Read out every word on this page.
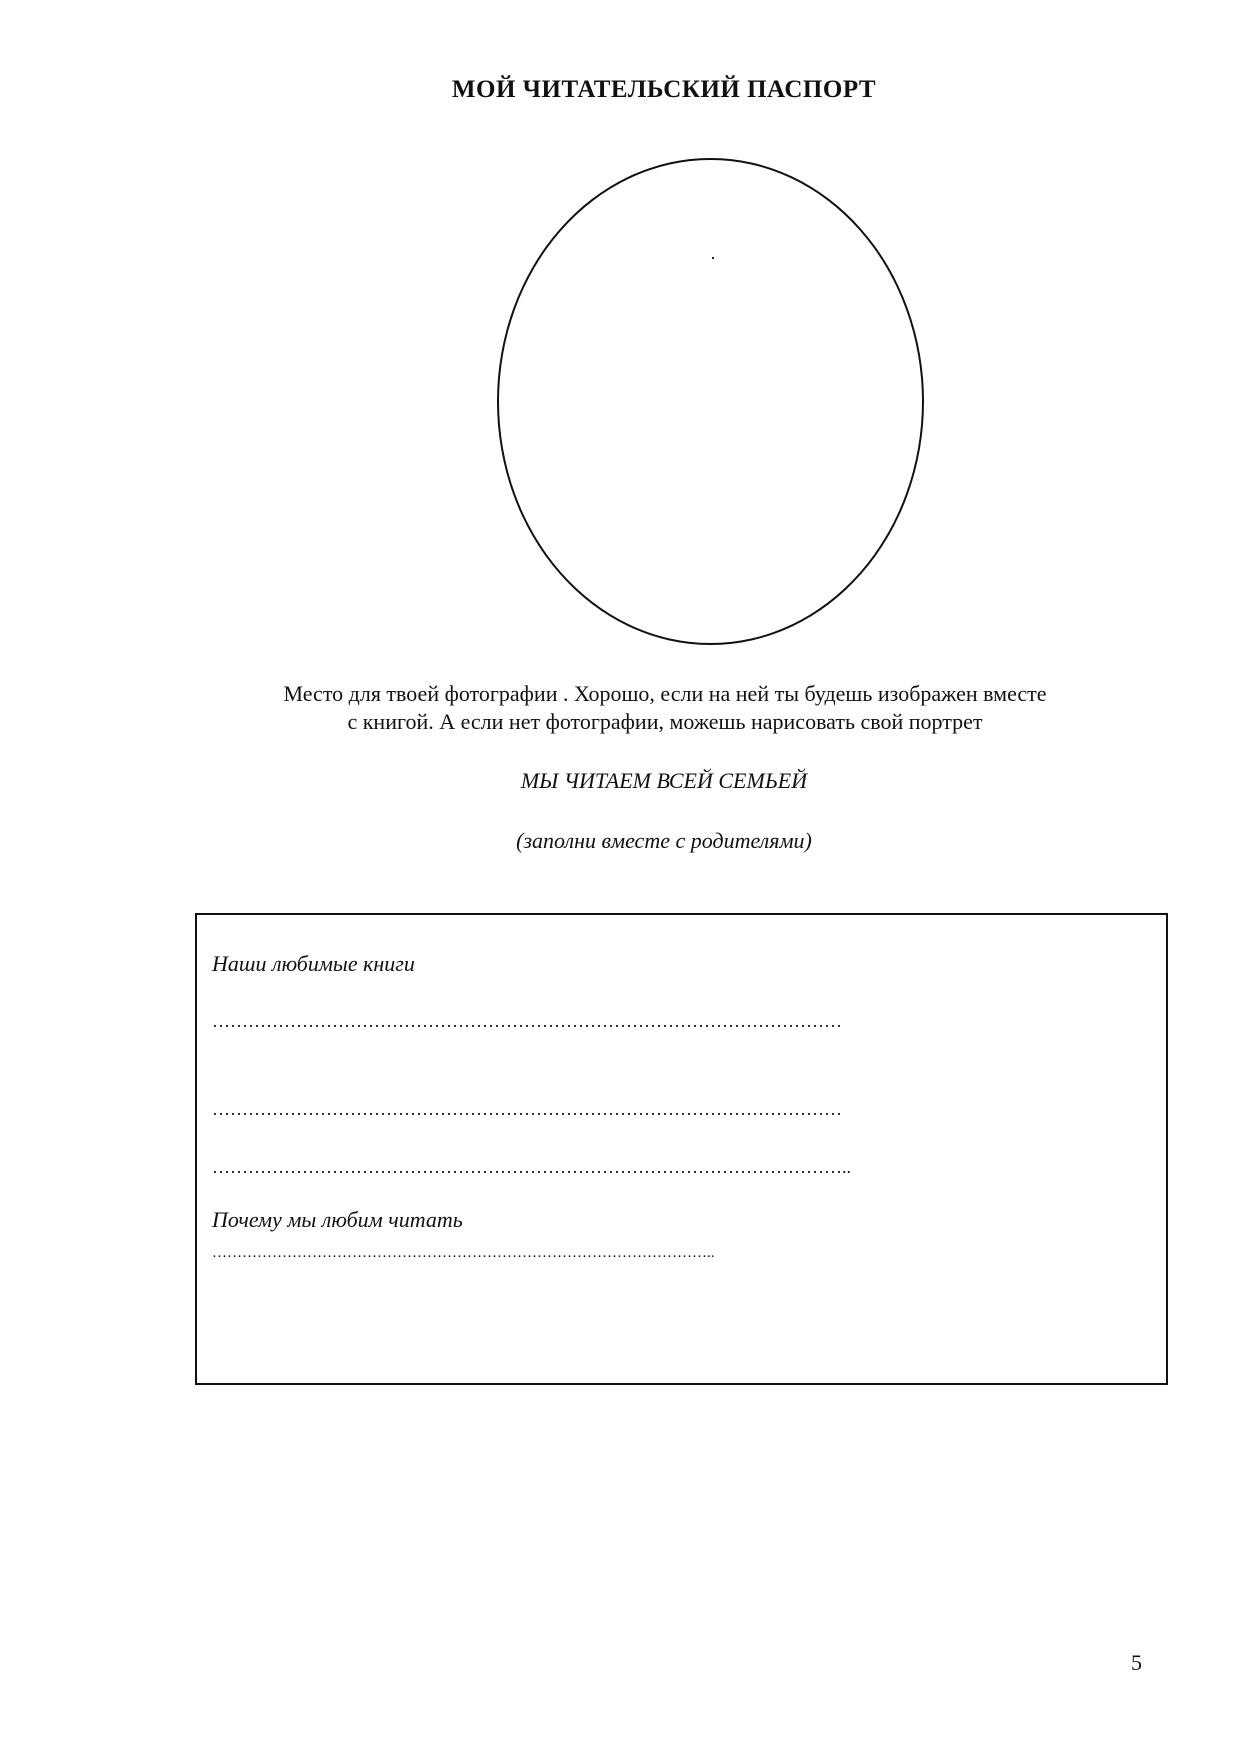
МОЙ ЧИТАТЕЛЬСКИЙ ПАСПОРТ
Место для твоей фотографии . Хорошо, если на ней ты будешь изображен вместе
с книгой. А если нет фотографии, можешь нарисовать свой портрет
МЫ ЧИТАЕМ ВСЕЙ СЕМЬЕЙ
(заполни вместе с родителями)
Наши любимые книги
……………………………………………………………………………………………
……………………………………………………………………………………………
……………………………………………………………………………………………..
Почему мы любим читать
………………………………………………………………………………………..
5
